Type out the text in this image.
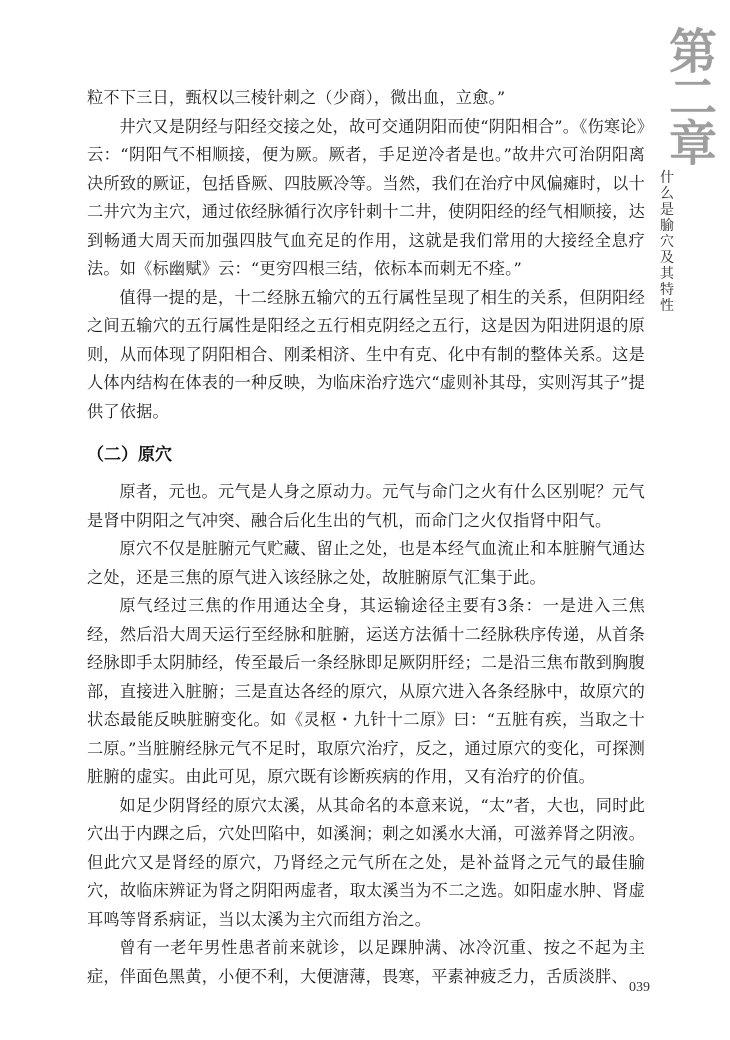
第
二
章
什么是腧穴及其特性

粒不下三日，甄权以三棱针刺之（少商），微出血，立愈。”

井穴又是阴经与阳经交接之处，故可交通阴阳而使“阴阳相合”。《伤寒论》云：“阴阳气不相顺接，便为厥。厥者，手足逆冷者是也。”故井穴可治阴阳离决所致的厥证，包括昏厥、四肢厥冷等。当然，我们在治疗中风偏瘫时，以十二井穴为主穴，通过依经脉循行次序针刺十二井，使阴阳经的经气相顺接，达到畅通大周天而加强四肢气血充足的作用，这就是我们常用的大接经全息疗法。如《标幽赋》云：“更穷四根三结，依标本而刺无不痊。”

值得一提的是，十二经脉五输穴的五行属性呈现了相生的关系，但阴阳经之间五输穴的五行属性是阳经之五行相克阴经之五行，这是因为阳进阴退的原则，从而体现了阴阳相合、刚柔相济、生中有克、化中有制的整体关系。这是人体内结构在体表的一种反映，为临床治疗选穴“虚则补其母，实则泻其子”提供了依据。

（二）原穴

原者，元也。元气是人身之原动力。元气与命门之火有什么区别呢？元气是肾中阴阳之气冲突、融合后化生出的气机，而命门之火仅指肾中阳气。

原穴不仅是脏腑元气贮藏、留止之处，也是本经气血流止和本脏腑气通达之处，还是三焦的原气进入该经脉之处，故脏腑原气汇集于此。

原气经过三焦的作用通达全身，其运输途径主要有3条：一是进入三焦经，然后沿大周天运行至经脉和脏腑，运送方法循十二经脉秩序传递，从首条经脉即手太阴肺经，传至最后一条经脉即足厥阴肝经；二是沿三焦布散到胸腹部，直接进入脏腑；三是直达各经的原穴，从原穴进入各条经脉中，故原穴的状态最能反映脏腑变化。如《灵枢・九针十二原》曰：“五脏有疾，当取之十二原。”当脏腑经脉元气不足时，取原穴治疗，反之，通过原穴的变化，可探测脏腑的虚实。由此可见，原穴既有诊断疾病的作用，又有治疗的价值。

如足少阴肾经的原穴太溪，从其命名的本意来说，“太”者，大也，同时此穴出于内踝之后，穴处凹陷中，如溪涧；刺之如溪水大涌，可滋养肾之阴液。但此穴又是肾经的原穴，乃肾经之元气所在之处，是补益肾之元气的最佳腧穴，故临床辨证为肾之阴阳两虚者，取太溪当为不二之选。如阳虚水肿、肾虚耳鸣等肾系病证，当以太溪为主穴而组方治之。

曾有一老年男性患者前来就诊，以足踝肿满、冰冷沉重、按之不起为主症，伴面色黑黄，小便不利，大便溏薄，畏寒，平素神疲乏力，舌质淡胖、

039
